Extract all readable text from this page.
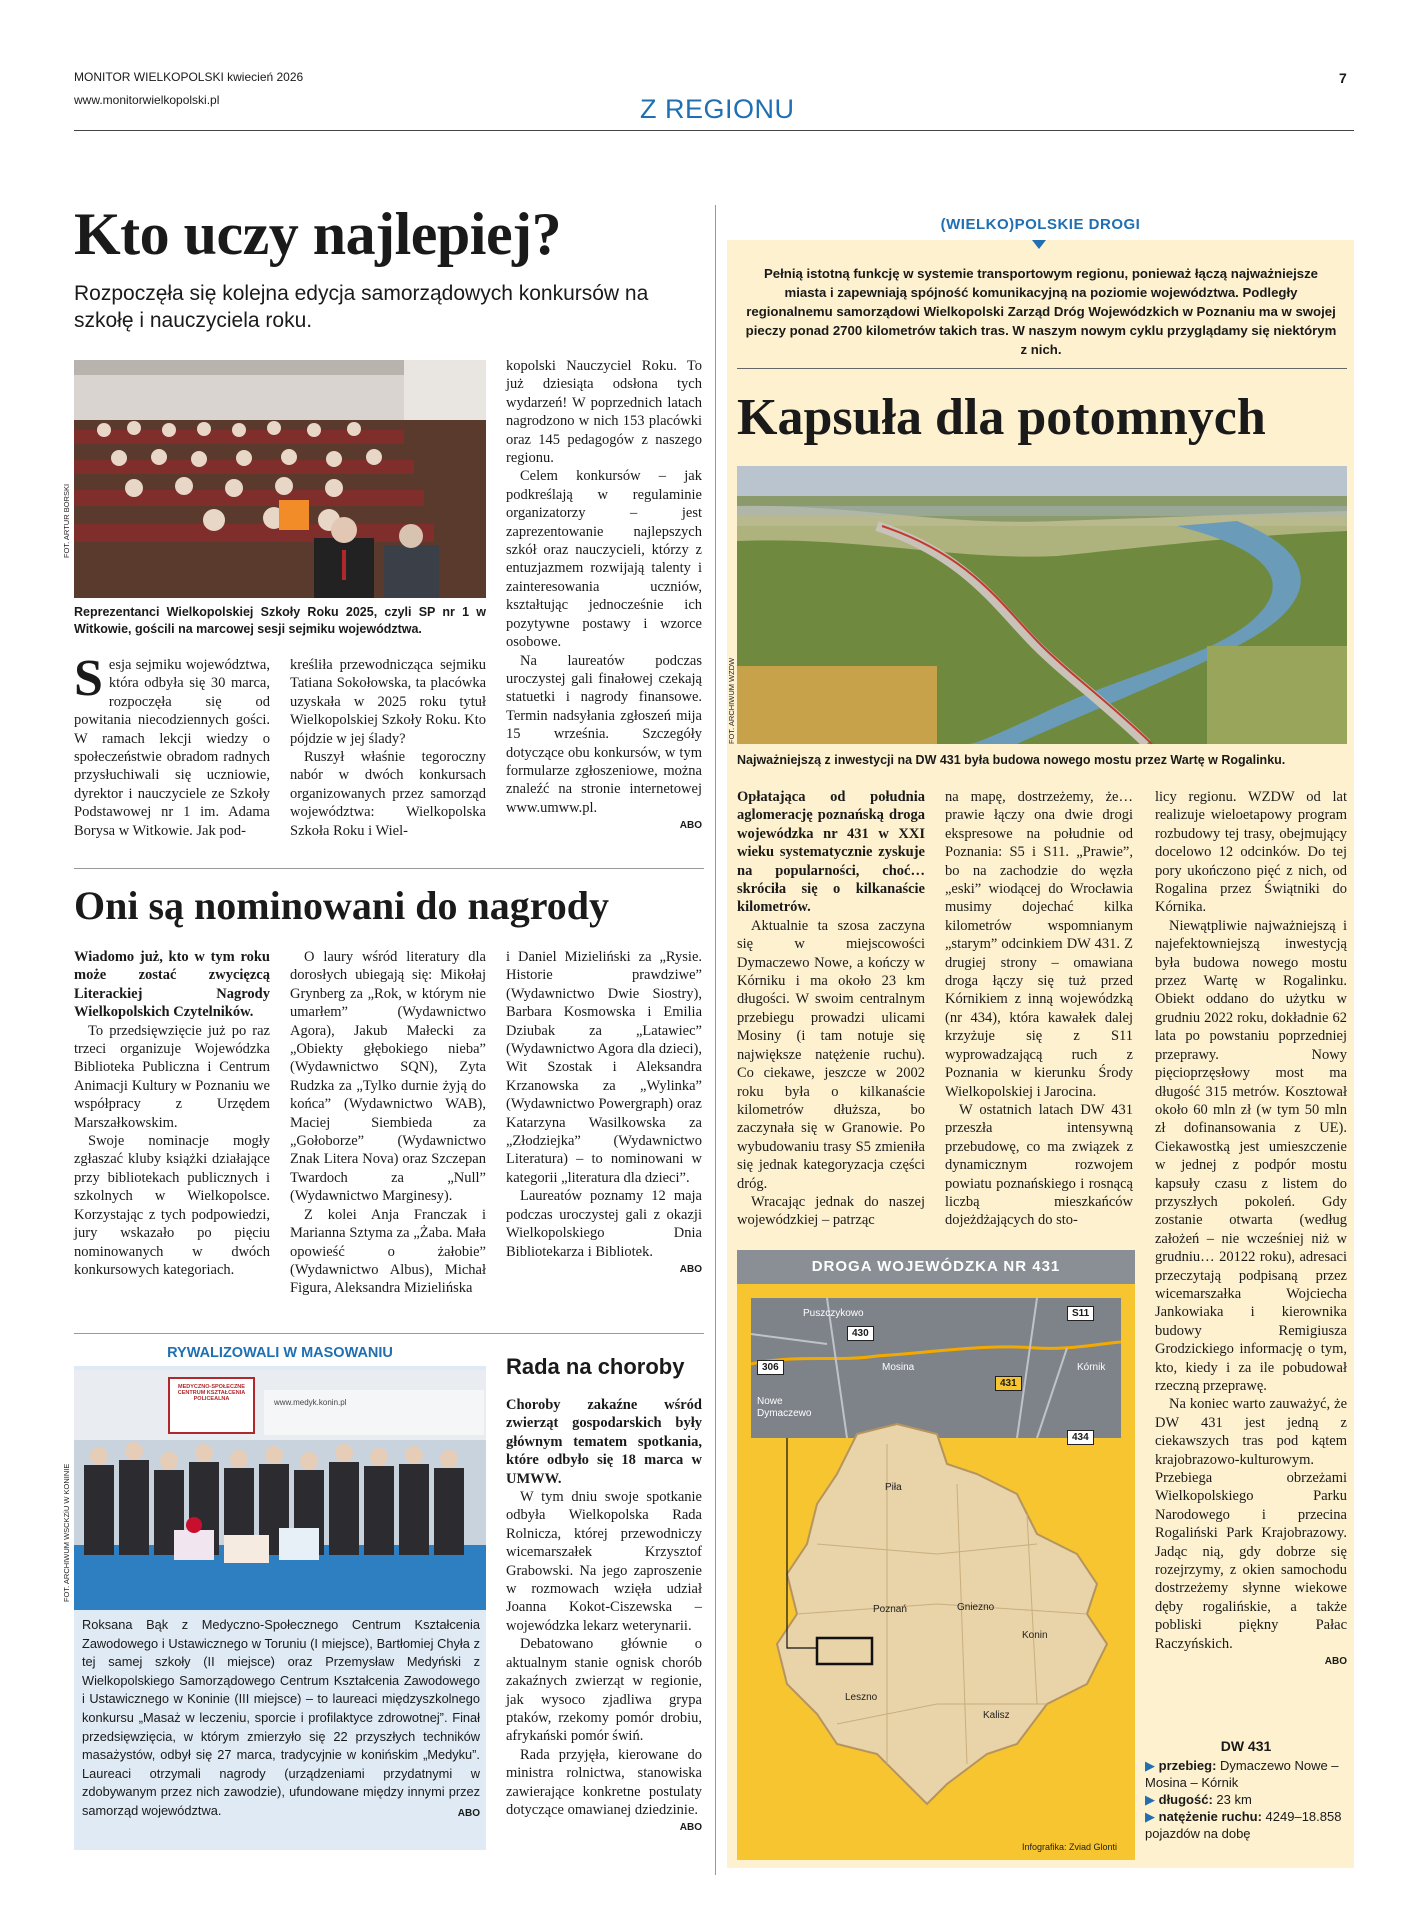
MONITOR WIELKOPOLSKI kwiecień 2026
www.monitorwielkopolski.pl	Z REGIONU
7
Kto uczy najlepiej?
Rozpoczęła się kolejna edycja samorządowych konkursów na szkołę i nauczyciela roku.
FOT. ARTUR BORSKI
Reprezentanci Wielkopolskiej Szkoły Roku 2025, czyli SP nr 1 w Witkowie, gościli na marcowej sesji sejmiku województwa.
Sesja sejmiku województwa, która odbyła się 30 marca, rozpoczęła się od powitania niecodziennych gości. W ramach lekcji wiedzy o społeczeństwie obradom radnych przysłuchiwali się uczniowie, dyrektor i nauczyciele ze Szkoły Podstawowej nr 1 im. Adama Borysa w Witkowie. Jak pod-
kreśliła przewodnicząca sejmiku Tatiana Sokołowska, ta placówka uzyskała w 2025 roku tytuł Wielkopolskiej Szkoły Roku. Kto pójdzie w jej ślady?

Ruszył właśnie tegoroczny nabór w dwóch konkursach organizowanych przez samorząd województwa: Wielkopolska Szkoła Roku i Wiel-

kopolski Nauczyciel Roku. To już dziesiąta odsłona tych wydarzeń! W poprzednich latach nagrodzono w nich 153 placówki oraz 145 pedagogów z naszego regionu.

Celem konkursów – jak podkreślają w regulaminie organizatorzy – jest zaprezentowanie najlepszych szkół oraz nauczycieli, którzy z entuzjazmem rozwijają talenty i zainteresowania uczniów, kształtując jednocześnie ich pozytywne postawy i wzorce osobowe.

Na laureatów podczas uroczystej gali finałowej czekają statuetki i nagrody finansowe. Termin nadsyłania zgłoszeń mija 15 września. Szczegóły dotyczące obu konkursów, w tym formularze zgłoszeniowe, można znaleźć na stronie internetowej www.umww.pl.

ABO
Oni są nominowani do nagrody
Wiadomo już, kto w tym roku może zostać zwycięzcą Literackiej Nagrody Wielkopolskich Czytelników.

To przedsięwzięcie już po raz trzeci organizuje Wojewódzka Biblioteka Publiczna i Centrum Animacji Kultury w Poznaniu we współpracy z Urzędem Marszałkowskim.

Swoje nominacje mogły zgłaszać kluby książki działające przy bibliotekach publicznych i szkolnych w Wielkopolsce. Korzystając z tych podpowiedzi, jury wskazało po pięciu nominowanych w dwóch konkursowych kategoriach.

O laury wśród literatury dla dorosłych ubiegają się: Mikołaj Grynberg za „Rok, w którym nie umarłem” (Wydawnictwo Agora), Jakub Małecki za „Obiekty głębokiego nieba” (Wydawnictwo SQN), Zyta Rudzka za „Tylko durnie żyją do końca” (Wydawnictwo WAB), Maciej Siembieda za „Gołoborze” (Wydawnictwo Znak Litera Nova) oraz Szczepan Twardoch za „Null” (Wydawnictwo Marginesy).

Z kolei Anja Franczak i Marianna Sztyma za „Żaba. Mała opowieść o żałobie” (Wydawnictwo Albus), Michał Figura, Aleksandra Mizielińska

i Daniel Mizieliński za „Rysie. Historie prawdziwe” (Wydawnictwo Dwie Siostry), Barbara Kosmowska i Emilia Dziubak za „Latawiec” (Wydawnictwo Agora dla dzieci), Wit Szostak i Aleksandra Krzanowska za „Wylinka” (Wydawnictwo Powergraph) oraz Katarzyna Wasilkowska za „Złodziejka” (Wydawnictwo Literatura) – to nominowani w kategorii „literatura dla dzieci”.

Laureatów poznamy 12 maja podczas uroczystej gali z okazji Wielkopolskiego Dnia Bibliotekarza i Bibliotek.

ABO
RYWALIZOWALI W MASOWANIU
MEDYCZNO-SPOŁECZNE CENTRUM KSZTAŁCENIA POLICEALNA	www.medyk.konin.pl
FOT. ARCHIWUM WSCKZiU W KONINIE
Roksana Bąk z Medyczno-Społecznego Centrum Kształcenia Zawodowego i Ustawicznego w Toruniu (I miejsce), Bartłomiej Chyła z tej samej szkoły (II miejsce) oraz Przemysław Medyński z Wielkopolskiego Samorządowego Centrum Kształcenia Zawodowego i Ustawicznego w Koninie (III miejsce) – to laureaci międzyszkolnego konkursu „Masaż w leczeniu, sporcie i profilaktyce zdrowotnej”. Finał przedsięwzięcia, w którym zmierzyło się 22 przyszłych techników masażystów, odbył się 27 marca, tradycyjnie w konińskim „Medyku”. Laureaci otrzymali nagrody (urządzeniami przydatnymi w zdobywanym przez nich zawodzie), ufundowane między innymi przez samorząd województwa.	ABO
Rada na choroby
Choroby zakaźne wśród zwierząt gospodarskich były głównym tematem spotkania, które odbyło się 18 marca w UMWW.

W tym dniu swoje spotkanie odbyła Wielkopolska Rada Rolnicza, której przewodniczy wicemarszałek Krzysztof Grabowski. Na jego zaproszenie w rozmowach wzięła udział Joanna Kokot-Ciszewska – wojewódzka lekarz weterynarii.

Debatowano głównie o aktualnym stanie ognisk chorób zakaźnych zwierząt w regionie, jak wysoco zjadliwa grypa ptaków, rzekomy pomór drobiu, afrykański pomór świń.

Rada przyjęła, kierowane do ministra rolnictwa, stanowiska zawierające konkretne postulaty dotyczące omawianej dziedzinie.

ABO
(WIELKO)POLSKIE DROGI
Pełnią istotną funkcję w systemie transportowym regionu, ponieważ łączą najważniejsze miasta i zapewniają spójność komunikacyjną na poziomie województwa. Podległy regionalnemu samorządowi Wielkopolski Zarząd Dróg Wojewódzkich w Poznaniu ma w swojej pieczy ponad 2700 kilometrów takich tras. W naszym nowym cyklu przyglądamy się niektórym z nich.
Kapsuła dla potomnych
FOT. ARCHIWUM WZDW
Najważniejszą z inwestycji na DW 431 była budowa nowego mostu przez Wartę w Rogalinku.
Opłatająca od południa aglomerację poznańską droga wojewódzka nr 431 w XXI wieku systematycznie zyskuje na popularności, choć… skróciła się o kilkanaście kilometrów.

Aktualnie ta szosa zaczyna się w miejscowości Dymaczewo Nowe, a kończy w Kórniku i ma około 23 km długości. W swoim centralnym przebiegu prowadzi ulicami Mosiny (i tam notuje się największe natężenie ruchu). Co ciekawe, jeszcze w 2002 roku była o kilkanaście kilometrów dłuższa, bo zaczynała się w Granowie. Po wybudowaniu trasy S5 zmieniła się jednak kategoryzacja części dróg.

Wracając jednak do naszej wojewódzkiej – patrząc

na mapę, dostrzeżemy, że… prawie łączy ona dwie drogi ekspresowe na południe od Poznania: S5 i S11. „Prawie”, bo na zachodzie do węzła „eski” wiodącej do Wrocławia musimy dojechać kilka kilometrów wspomnianym „starym” odcinkiem DW 431. Z drugiej strony – omawiana droga łączy się tuż przed Kórnikiem z inną wojewódzką (nr 434), która kawałek dalej krzyżuje się z S11 wyprowadzającą ruch z Poznania w kierunku Środy Wielkopolskiej i Jarocina.

W ostatnich latach DW 431 przeszła intensywną przebudowę, co ma związek z dynamicznym rozwojem powiatu poznańskiego i rosnącą liczbą mieszkańców dojeżdżających do sto-

licy regionu. WZDW od lat realizuje wieloetapowy program rozbudowy tej trasy, obejmujący docelowo 12 odcinków. Do tej pory ukończono pięć z nich, od Rogalina przez Świątniki do Kórnika.

Niewątpliwie najważniejszą i najefektowniejszą inwestycją była budowa nowego mostu przez Wartę w Rogalinku. Obiekt oddano do użytku w grudniu 2022 roku, dokładnie 62 lata po powstaniu poprzedniej przeprawy. Nowy pięcioprzęsłowy most ma długość 315 metrów. Kosztował około 60 mln zł (w tym 50 mln zł dofinansowania z UE). Ciekawostką jest umieszczenie w jednej z podpór mostu kapsuły czasu z listem do przyszłych pokoleń. Gdy zostanie otwarta (według założeń – nie wcześniej niż w grudniu… 20122 roku), adresaci przeczytają podpisaną przez wicemarszałka Wojciecha Jankowiaka i kierownika budowy Remigiusza Grodzickiego informację o tym, kto, kiedy i za ile pobudował rzeczną przeprawę.

Na koniec warto zauważyć, że DW 431 jest jedną z ciekawszych tras pod kątem krajobrazowo-kulturowym. Przebiega obrzeżami Wielkopolskiego Parku Narodowego i przecina Rogaliński Park Krajobrazowy. Jadąc nią, gdy dobrze się rozejrzymy, z okien samochodu dostrzeżemy słynne wiekowe dęby rogalińskie, a także pobliski piękny Pałac Raczyńskich.

ABO
DROGA WOJEWÓDZKA NR 431
Puszczykowo
Mosina	Kórnik
Nowe Dymaczewo
430
306
431
S11
434
Piła
Poznań	Gniezno
Konin
Leszno
Kalisz
Infografika: Zviad Glonti
DW 431
▶ przebieg: Dymaczewo Nowe – Mosina – Kórnik
▶ długość: 23 km
▶ natężenie ruchu: 4249–18.858 pojazdów na dobę
